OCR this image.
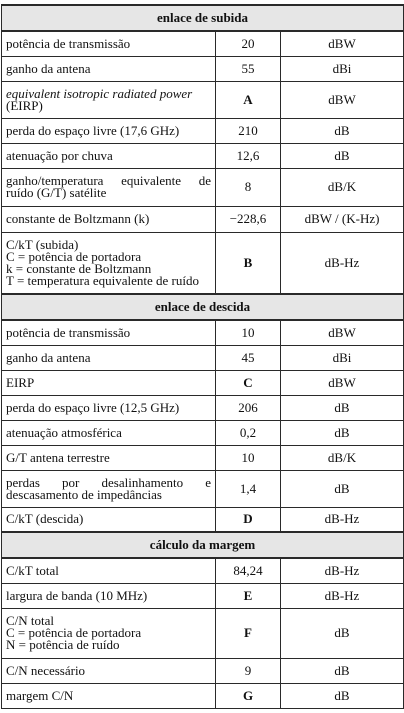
enlace de subida		
potência de transmissão	20	dBW
ganho da antena	55	dBi

equivalent isotropic radiated power
(EIRP)	A	dBW
perda do espaço livre (17,6 GHz)	210	dB
atenuação por chuva	12,6	dB
ganho/temperatura equivalente de ruído (G/T) satélite	8	dB/K
constante de Boltzmann (k)	−228,6	dBW / (K-Hz)

C/kT (subida)
C = potência de portadora
k = constante de Boltzmann
T = temperatura equivalente de ruído	B	dB-Hz
enlace de descida		
potência de transmissão	10	dBW
ganho da antena	45	dBi
EIRP	C	dBW
perda do espaço livre (12,5 GHz)	206	dB
atenuação atmosférica	0,2	dB
G/T antena terrestre	10	dB/K
perdas por desalinhamento e descasamento de impedâncias	1,4	dB
C/kT (descida)	D	dB-Hz
cálculo da margem		
C/kT total	84,24	dB-Hz
largura de banda (10 MHz)	E	dB-Hz

C/N total
C = potência de portadora
N = potência de ruído	F	dB
C/N necessário	9	dB
margem C/N	G	dB
